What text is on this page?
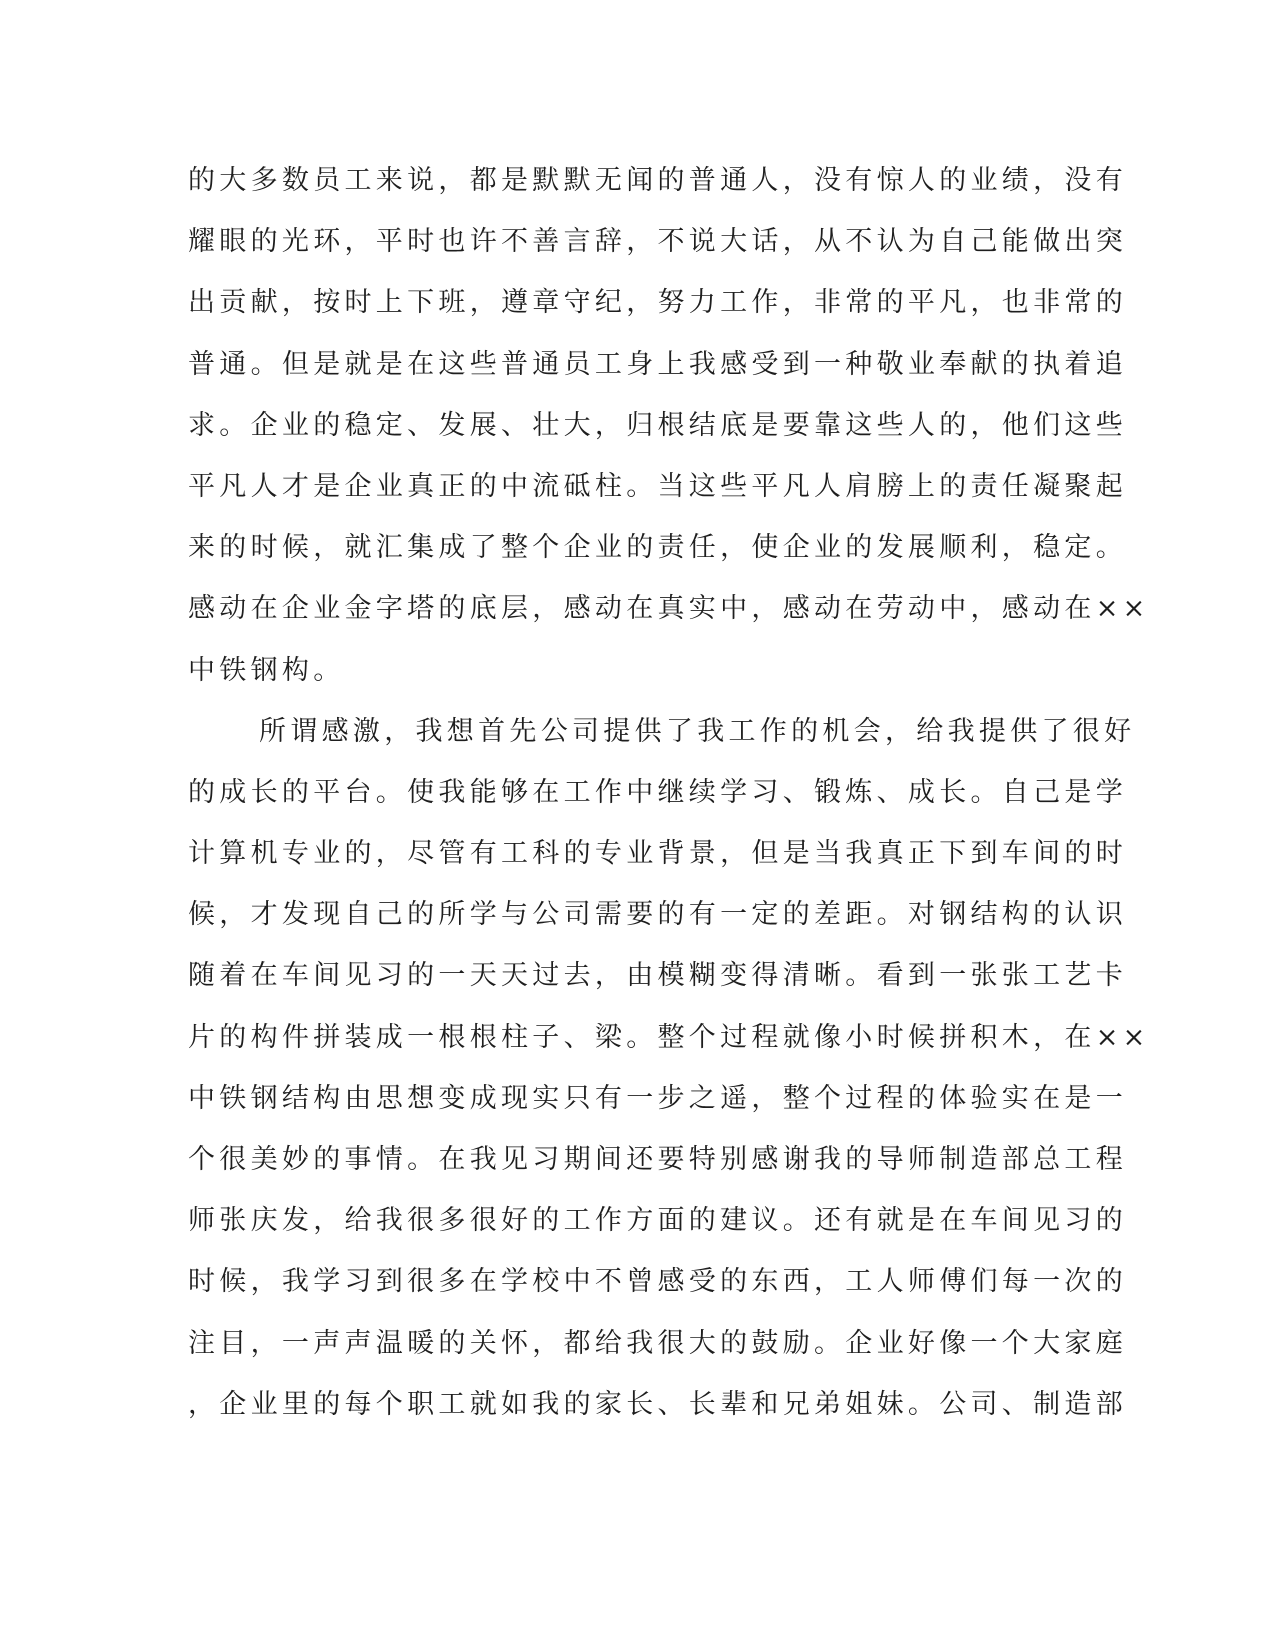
的大多数员工来说，都是默默无闻的普通人，没有惊人的业绩，没有
耀眼的光环，平时也许不善言辞，不说大话，从不认为自己能做出突
出贡献，按时上下班，遵章守纪，努力工作，非常的平凡，也非常的
普通。但是就是在这些普通员工身上我感受到一种敬业奉献的执着追
求。企业的稳定、发展、壮大，归根结底是要靠这些人的，他们这些
平凡人才是企业真正的中流砥柱。当这些平凡人肩膀上的责任凝聚起
来的时候，就汇集成了整个企业的责任，使企业的发展顺利，稳定。
感动在企业金字塔的底层，感动在真实中，感动在劳动中，感动在××
中铁钢构。
所谓感激，我想首先公司提供了我工作的机会，给我提供了很好
的成长的平台。使我能够在工作中继续学习、锻炼、成长。自己是学
计算机专业的，尽管有工科的专业背景，但是当我真正下到车间的时
候，才发现自己的所学与公司需要的有一定的差距。对钢结构的认识
随着在车间见习的一天天过去，由模糊变得清晰。看到一张张工艺卡
片的构件拼装成一根根柱子、梁。整个过程就像小时候拼积木，在××
中铁钢结构由思想变成现实只有一步之遥，整个过程的体验实在是一
个很美妙的事情。在我见习期间还要特别感谢我的导师制造部总工程
师张庆发，给我很多很好的工作方面的建议。还有就是在车间见习的
时候，我学习到很多在学校中不曾感受的东西，工人师傅们每一次的
注目，一声声温暖的关怀，都给我很大的鼓励。企业好像一个大家庭
，企业里的每个职工就如我的家长、长辈和兄弟姐妹。公司、制造部
